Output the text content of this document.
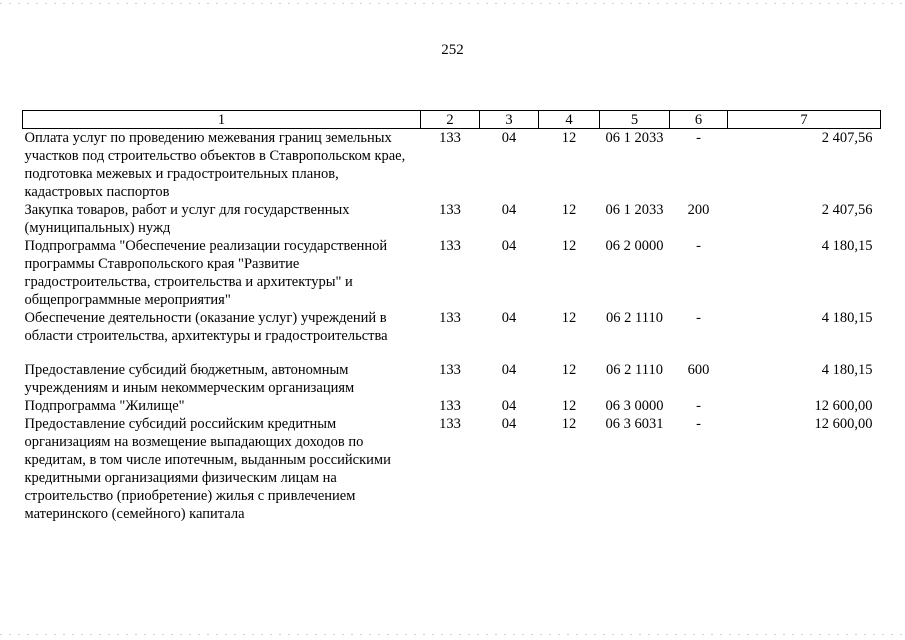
252
1	2	3	4	5	6	7
Оплата услуг по проведению межевания границ земельных участков под строительство объектов в Ставропольском крае, подготовка межевых и градостроительных планов, кадастровых паспортов	133	04	12	06 1 2033	-	2 407,56
Закупка товаров, работ и услуг для государственных (муниципальных) нужд	133	04	12	06 1 2033	200	2 407,56
Подпрограмма "Обеспечение реализации государственной программы Ставропольского края "Развитие градостроительства, строительства и архитектуры" и общепрограммные мероприятия"	133	04	12	06 2 0000	-	4 180,15
Обеспечение деятельности (оказание услуг) учреждений в области строительства, архитектуры и градостроительства	133	04	12	06 2 1110	-	4 180,15

Предоставление субсидий бюджетным, автономным учреждениям и иным некоммерческим организациям	133	04	12	06 2 1110	600	4 180,15
Подпрограмма "Жилище"	133	04	12	06 3 0000	-	12 600,00
Предоставление субсидий российским кредитным организациям на возмещение выпадающих доходов по кредитам, в том числе ипотечным, выданным российскими кредитными организациями физическим лицам на строительство (приобретение) жилья с привлечением материнского (семейного) капитала	133	04	12	06 3 6031	-	12 600,00
